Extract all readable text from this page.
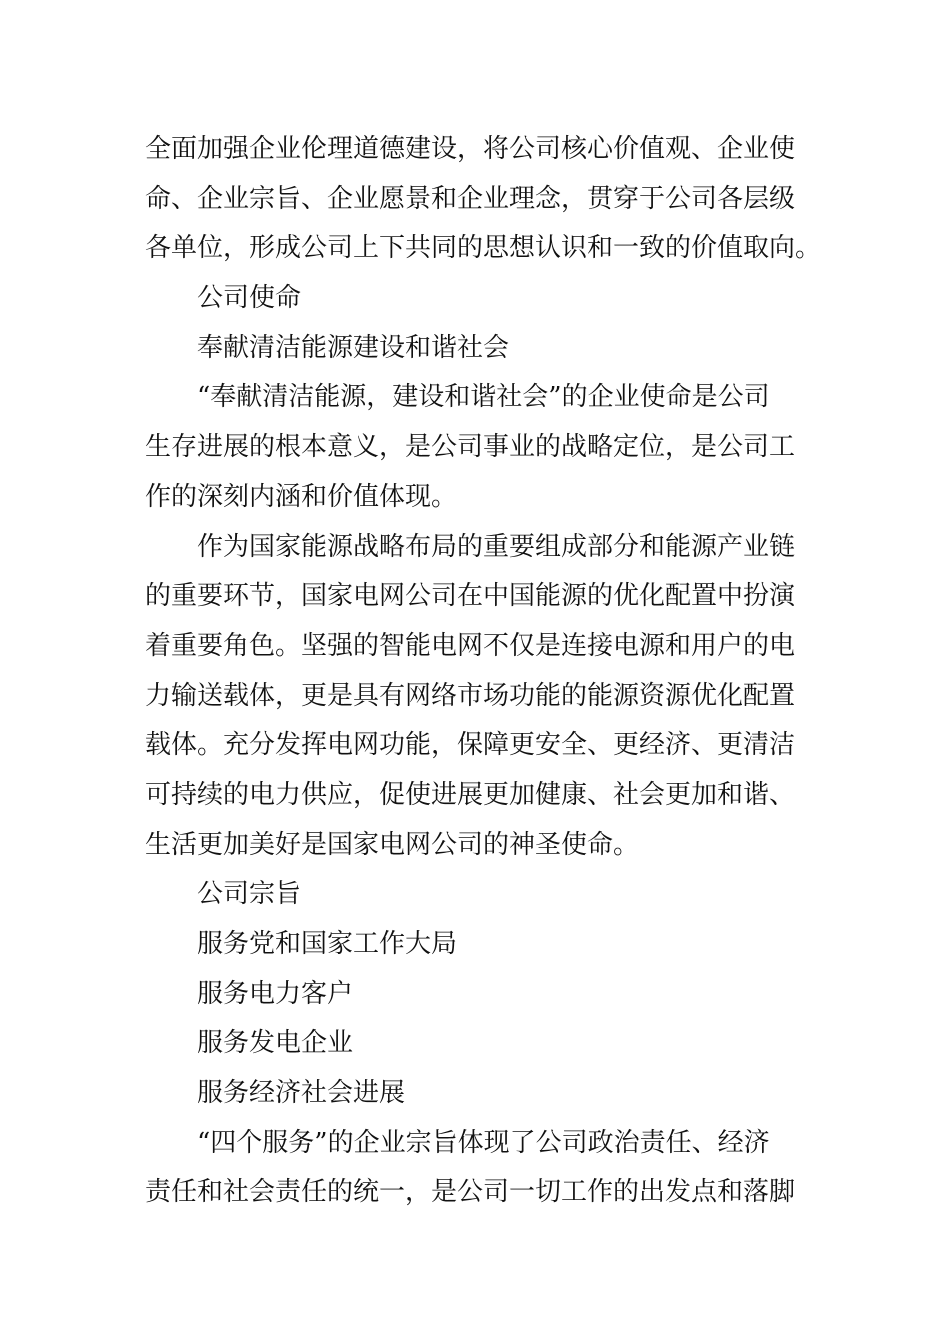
全面加强企业伦理道德建设，将公司核心价值观、企业使
命、企业宗旨、企业愿景和企业理念，贯穿于公司各层级
各单位，形成公司上下共同的思想认识和一致的价值取向。
公司使命
奉献清洁能源建设和谐社会
“奉献清洁能源，建设和谐社会”的企业使命是公司
生存进展的根本意义，是公司事业的战略定位，是公司工
作的深刻内涵和价值体现。
作为国家能源战略布局的重要组成部分和能源产业链
的重要环节，国家电网公司在中国能源的优化配置中扮演
着重要角色。坚强的智能电网不仅是连接电源和用户的电
力输送载体，更是具有网络市场功能的能源资源优化配置
载体。充分发挥电网功能，保障更安全、更经济、更清洁
可持续的电力供应，促使进展更加健康、社会更加和谐、
生活更加美好是国家电网公司的神圣使命。
公司宗旨
服务党和国家工作大局
服务电力客户
服务发电企业
服务经济社会进展
“四个服务”的企业宗旨体现了公司政治责任、经济
责任和社会责任的统一，是公司一切工作的出发点和落脚
